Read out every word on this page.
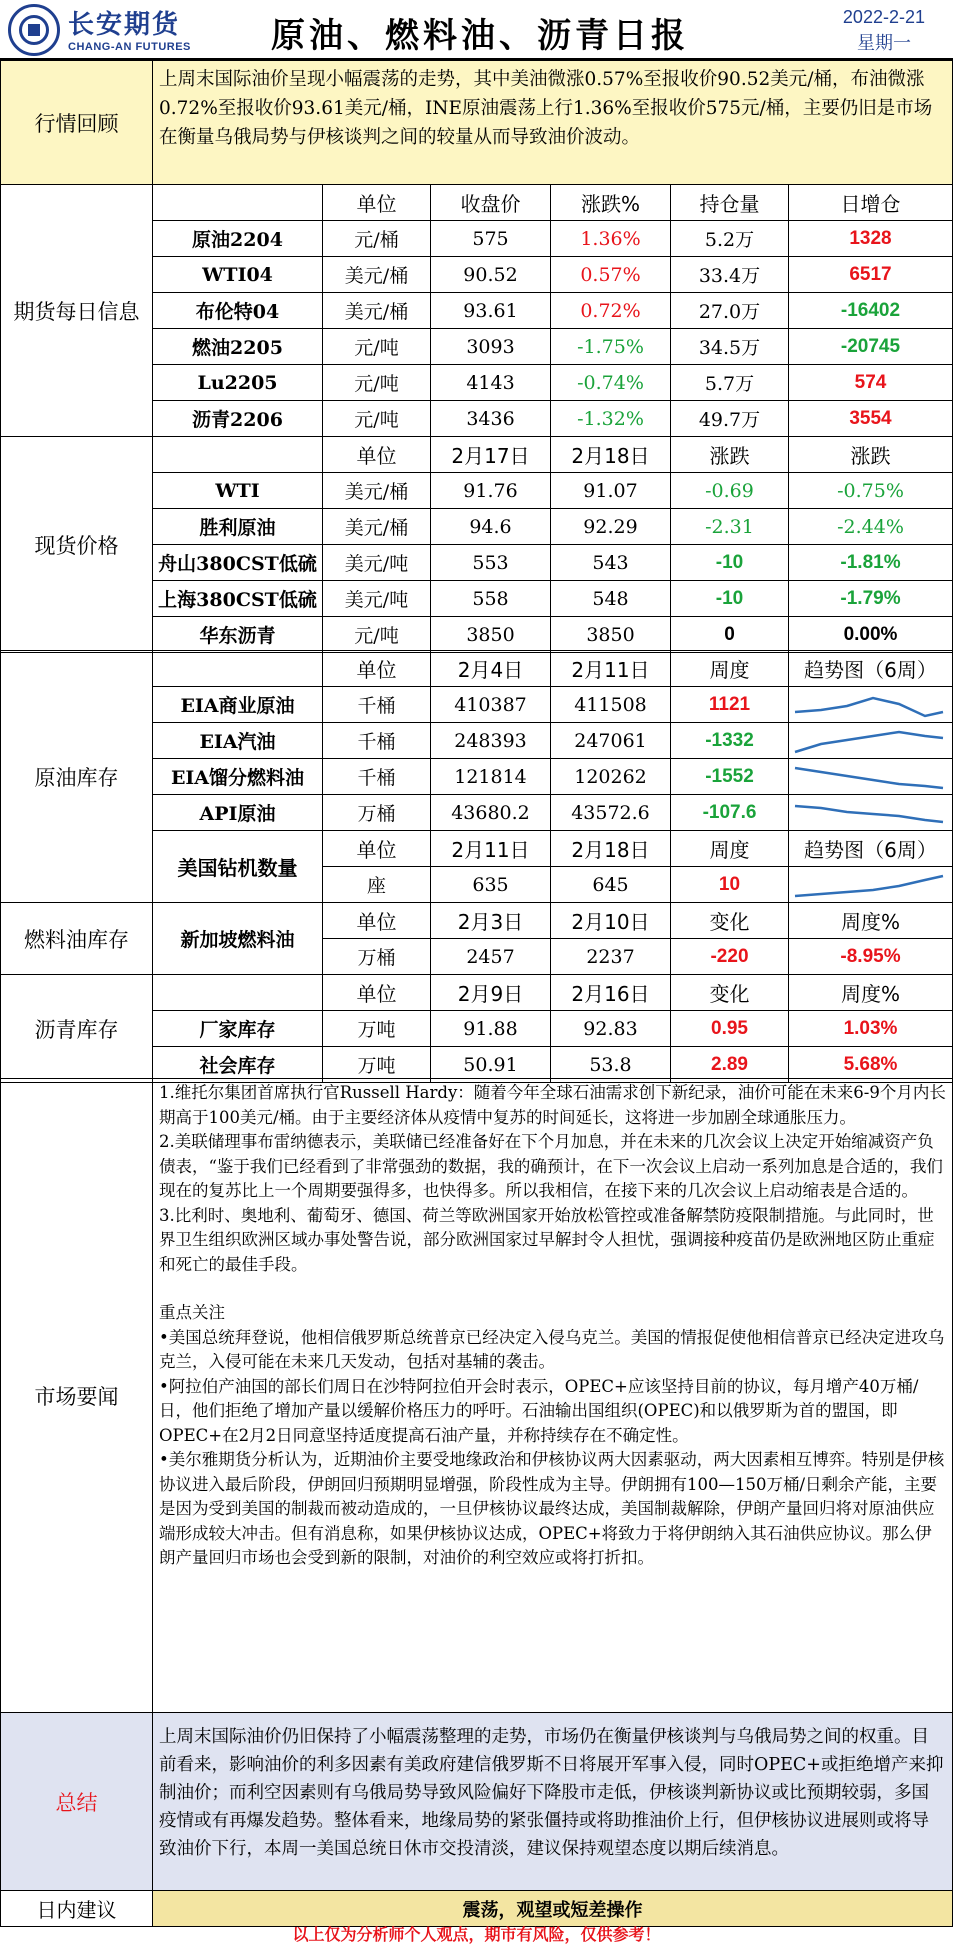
长安期货
CHANG-AN FUTURES	原油、燃料油、沥青日报	2022-2-21
星期一
行情回顾	上周末国际油价呈现小幅震荡的走势，其中美油微涨0.57%至报收价90.52美元/桶，布油微涨0.72%至报收价93.61美元/桶，INE原油震荡上行1.36%至报收价575元/桶，主要仍旧是市场在衡量乌俄局势与伊核谈判之间的较量从而导致油价波动。
期货每日信息		单位	收盘价	涨跌%	持仓量	日增仓
	原油2204	元/桶	575	1.36%	5.2万	1328
	WTI04	美元/桶	90.52	0.57%	33.4万	6517
	布伦特04	美元/桶	93.61	0.72%	27.0万	-16402
	燃油2205	元/吨	3093	-1.75%	34.5万	-20745
	Lu2205	元/吨	4143	-0.74%	5.7万	574
	沥青2206	元/吨	3436	-1.32%	49.7万	3554
现货价格		单位	2月17日	2月18日	涨跌	涨跌
	WTI	美元/桶	91.76	91.07	-0.69	-0.75%
	胜利原油	美元/桶	94.6	92.29	-2.31	-2.44%
	舟山380CST低硫	美元/吨	553	543	-10	-1.81%
	上海380CST低硫	美元/吨	558	548	-10	-1.79%
	华东沥青	元/吨	3850	3850	0	0.00%
原油库存		单位	2月4日	2月11日	周度	趋势图（6周）
	EIA商业原油	千桶	410387	411508	1121	

	EIA汽油	千桶	248393	247061	-1332	

	EIA馏分燃料油	千桶	121814	120262	-1552	

	API原油	万桶	43680.2	43572.6	-107.6	

	美国钻机数量	单位	2月11日	2月18日	周度	趋势图（6周）
		座	635	645	10	
燃料油库存	新加坡燃料油	单位	2月3日	2月10日	变化	周度%
		万桶	2457	2237	-220	-8.95%
沥青库存		单位	2月9日	2月16日	变化	周度%
	厂家库存	万吨	91.88	92.83	0.95	1.03%
	社会库存	万吨	50.91	53.8	2.89	5.68%
市场要闻	
1.维托尔集团首席执行官Russell Hardy：随着今年全球石油需求创下新纪录，油价可能在未来6-9个月内长期高于100美元/桶。由于主要经济体从疫情中复苏的时间延长，这将进一步加剧全球通胀压力。
2.美联储理事布雷纳德表示，美联储已经准备好在下个月加息，并在未来的几次会议上决定开始缩减资产负债表，“鉴于我们已经看到了非常强劲的数据，我的确预计，在下一次会议上启动一系列加息是合适的，我们现在的复苏比上一个周期要强得多，也快得多。所以我相信，在接下来的几次会议上启动缩表是合适的。
3.比利时、奥地利、葡萄牙、德国、荷兰等欧洲国家开始放松管控或准备解禁防疫限制措施。与此同时，世界卫生组织欧洲区域办事处警告说，部分欧洲国家过早解封令人担忧，强调接种疫苗仍是欧洲地区防止重症和死亡的最佳手段。
重点关注
•美国总统拜登说，他相信俄罗斯总统普京已经决定入侵乌克兰。美国的情报促使他相信普京已经决定进攻乌克兰，入侵可能在未来几天发动，包括对基辅的袭击。
•阿拉伯产油国的部长们周日在沙特阿拉伯开会时表示，OPEC+应该坚持目前的协议，每月增产40万桶/日，他们拒绝了增加产量以缓解价格压力的呼吁。石油输出国组织(OPEC)和以俄罗斯为首的盟国，即OPEC+在2月2日同意坚持适度提高石油产量，并称持续存在不确定性。
•美尔雅期货分析认为，近期油价主要受地缘政治和伊核协议两大因素驱动，两大因素相互博弈。特别是伊核协议进入最后阶段，伊朗回归预期明显增强，阶段性成为主导。伊朗拥有100—150万桶/日剩余产能，主要是因为受到美国的制裁而被动造成的，一旦伊核协议最终达成，美国制裁解除，伊朗产量回归将对原油供应端形成较大冲击。但有消息称，如果伊核协议达成，OPEC+将致力于将伊朗纳入其石油供应协议。那么伊朗产量回归市场也会受到新的限制，对油价的利空效应或将打折扣。
总结	上周末国际油价仍旧保持了小幅震荡整理的走势，市场仍在衡量伊核谈判与乌俄局势之间的权重。目前看来，影响油价的利多因素有美政府建信俄罗斯不日将展开军事入侵，同时OPEC+或拒绝增产来抑制油价；而利空因素则有乌俄局势导致风险偏好下降股市走低，伊核谈判新协议或比预期较弱，多国疫情或有再爆发趋势。整体看来，地缘局势的紧张僵持或将助推油价上行，但伊核协议进展则或将导致油价下行，本周一美国总统日休市交投清淡，建议保持观望态度以期后续消息。
日内建议	震荡，观望或短差操作
以上仅为分析师个人观点，期市有风险，仅供参考！
